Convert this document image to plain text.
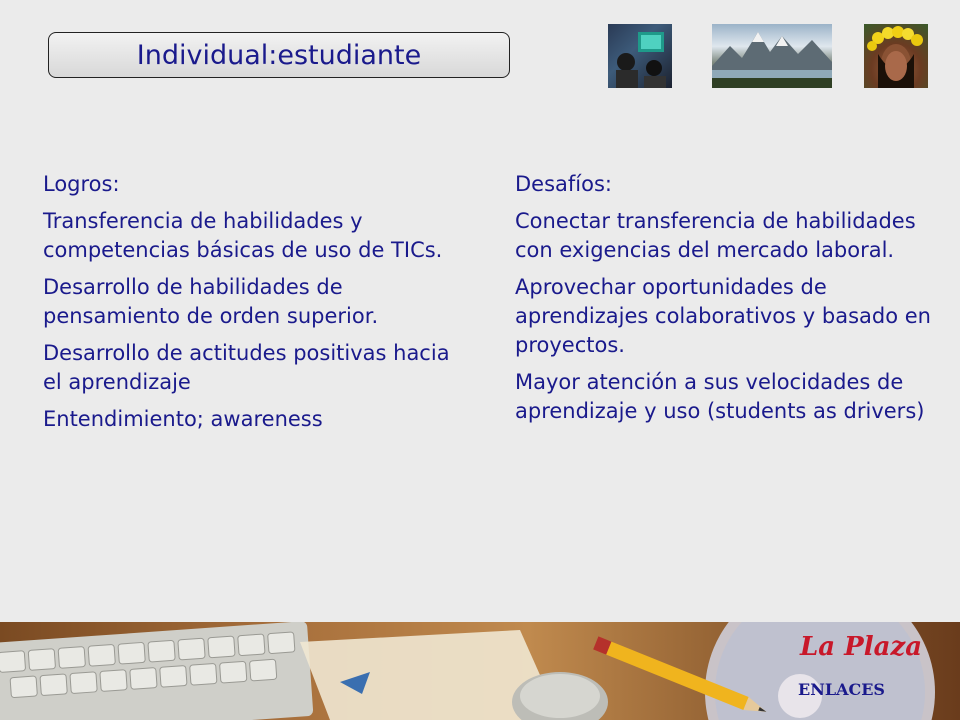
Individual:estudiante

Logros:

Transferencia de habilidades y competencias básicas de uso de TICs.

Desarrollo de habilidades de pensamiento de orden superior.

Desarrollo de actitudes positivas hacia el aprendizaje

Entendimiento; awareness

Desafíos:

Conectar transferencia de habilidades con exigencias del mercado laboral.

Aprovechar oportunidades de aprendizajes colaborativos y basado en proyectos.

Mayor atención a sus velocidades de aprendizaje y uso (students as drivers)

La Plaza
ENLACES
